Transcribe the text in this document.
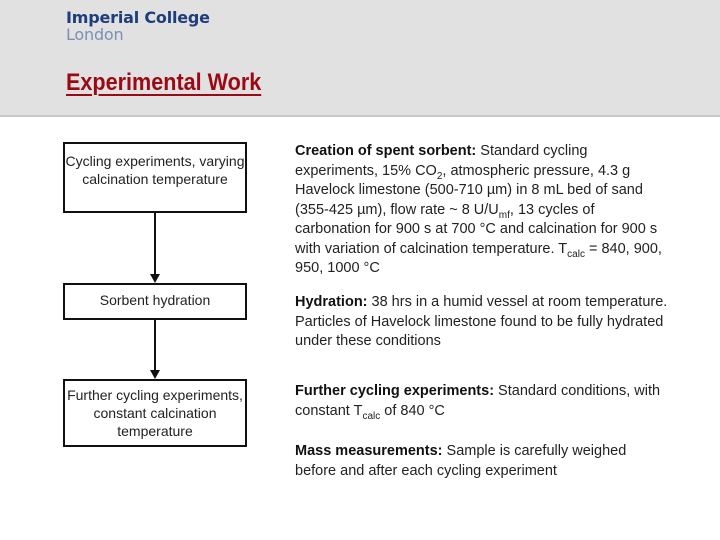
Imperial College
London
Experimental Work
Cycling experiments, varying calcination temperature
Sorbent hydration
Further cycling experiments, constant calcination temperature
Creation of spent sorbent: Standard cycling experiments, 15% $CO_2$, atmospheric pressure, 4.3 g Havelock limestone (500-710 µm) in 8 mL bed of sand (355-425 µm), flow rate ~ 8 $U/U_{mf}$, 13 cycles of carbonation for 900 s at 700 °C and calcination for 900 s with variation of calcination temperature. $T_{calc} = 840$, 900, 950, 1000 °C
Hydration: 38 hrs in a humid vessel at room temperature. Particles of Havelock limestone found to be fully hydrated under these conditions
Further cycling experiments: Standard conditions, with constant $T_{calc}$ of 840 °C
Mass measurements: Sample is carefully weighed before and after each cycling experiment
